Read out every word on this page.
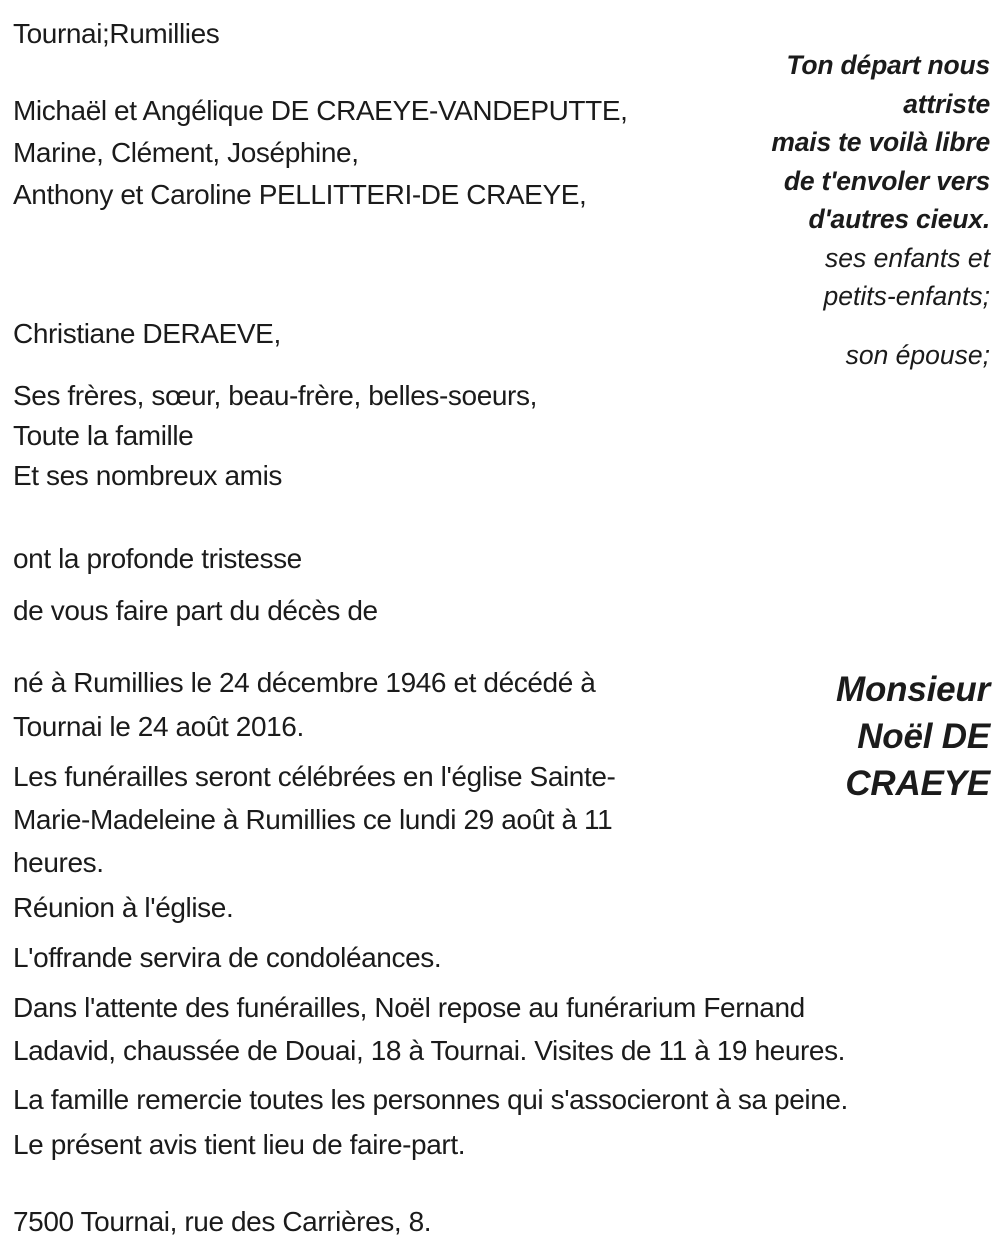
Tournai;Rumillies
Michaël et Angélique DE CRAEYE-VANDEPUTTE,
Marine, Clément, Joséphine,
Anthony et Caroline PELLITTERI-DE CRAEYE,
Christiane DERAEVE,
Ses frères, sœur, beau-frère, belles-soeurs,
Toute la famille
Et ses nombreux amis
ont la profonde tristesse
de vous faire part du décès de
né à Rumillies le 24 décembre 1946 et décédé à
Tournai le 24 août 2016.
Les funérailles seront célébrées en l'église Sainte-
Marie-Madeleine à Rumillies ce lundi 29 août à 11
heures.
Réunion à l'église.
L'offrande servira de condoléances.
Dans l'attente des funérailles, Noël repose au funérarium Fernand
Ladavid, chaussée de Douai, 18 à Tournai. Visites de 11 à 19 heures.
La famille remercie toutes les personnes qui s'associeront à sa peine.
Le présent avis tient lieu de faire-part.
7500 Tournai, rue des Carrières, 8.
Ton départ nous
attriste
mais te voilà libre
de t'envoler vers
d'autres cieux.
ses enfants et
petits-enfants;
son épouse;
Monsieur
Noël DE
CRAEYE
